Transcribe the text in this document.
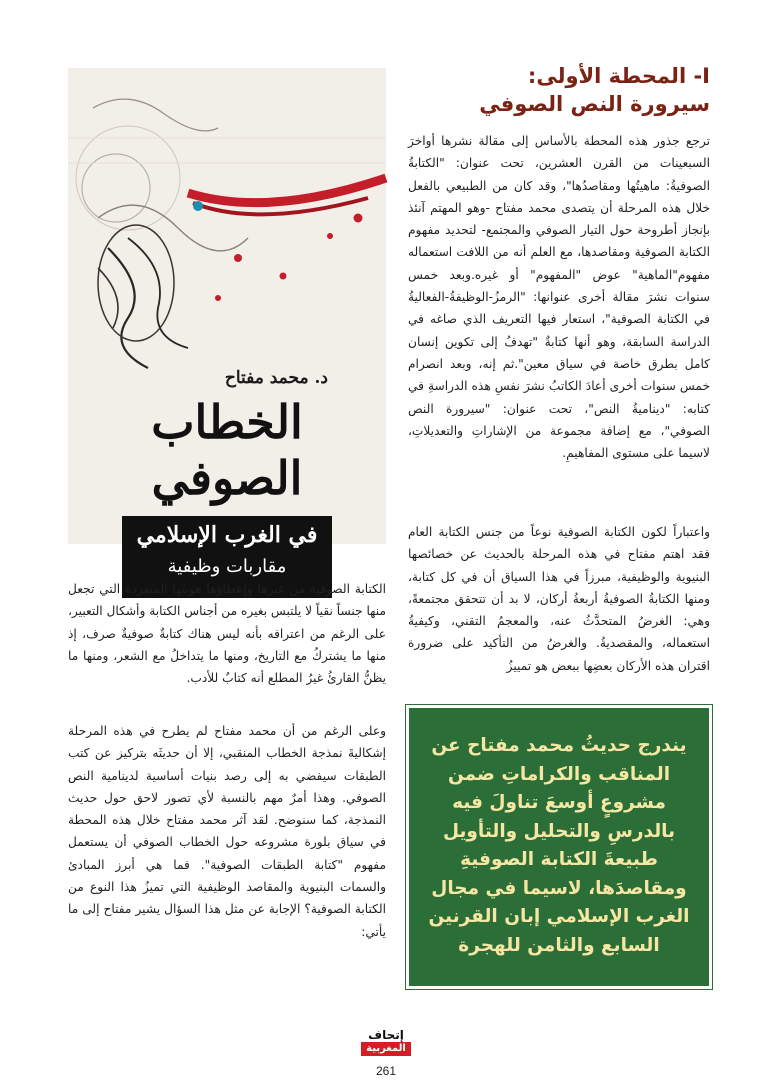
I- المحطة الأولى:
سيرورة النص الصوفي

ترجع جذور هذه المحطة بالأساس إلى مقالة نشرها أواخرَ السبعينات من القرن العشرين، تحت عنوان: "الكتابةُ الصوفيةُ: ماهيتُها ومقاصدُها"، وقد كان من الطبيعي بالفعل خلال هذه المرحلة أن يتصدى محمد مفتاح -وهو المهتم آنئذ بإنجاز أطروحة حول التيار الصوفي والمجتمع- لتحديد مفهوم الكتابة الصوفية ومقاصدها، مع العلم أنه من اللافت استعماله مفهوم"الماهية" عوض "المفهوم" أو غيره.وبعد خمس سنوات نشرَ مقالة أخرى عنوانها: "الرمزُ-الوظيفةُ-الفعاليةُ في الكتابة الصوفية"، استعار فيها التعريف الذي صاغه في الدراسة السابقة، وهو أنها كتابةٌ "تهدفُ إلى تكوين إنسان كامل بطرق خاصة في سياق معين".ثم إنه، وبعد انصرام خمس سنوات أخرى أعادَ الكاتبُ نشرَ نفسِ هذه الدراسةِ في كتابه: "ديناميةُ النص"، تحت عنوان: "سيرورة النص الصوفي"، مع إضافة مجموعة من الإشاراتِ والتعديلاتِ، لاسيما على مستوى المفاهيمِ.

واعتباراً لكون الكتابة الصوفية نوعاً من جنس الكتابة العام فقد اهتم مفتاح في هذه المرحلة بالحديث عن خصائصها البنيوية والوظيفية، مبرزاً في هذا السياق أن في كل كتابة، ومنها الكتابةُ الصوفيةُ أربعةُ أركان، لا بد أن تتحقق مجتمعةً، وهي: الغرضُ المتحدَّثُ عنه، والمعجمُ التقني، وكيفيةُ استعماله، والمقصديةُ. والغرضُ من التأكيد على ضرورة اقتران هذه الأركان بعضِها ببعض هو تمييزُ

د. محمد مفتاح
الخطاب الصوفي
في الغرب الإسلامي
مقاربات وظيفية

الكتابة الصوفية من غيرها وإعطاؤها هويتَها المتفردةَ التي تجعل منها جنساً نقياً لا يلتبس بغيره من أجناس الكتابة وأشكال التعبير، على الرغم من اعترافه بأنه ليس هناك كتابةٌ صوفيةٌ صرف، إذ منها ما يشتركُ مع التاريخ، ومنها ما يتداخلُ مع الشعر، ومنها ما يظنُّ القارئُ غيرُ المطلع أنه كتابٌ للأدب.

وعلى الرغم من أن محمد مفتاح لم يطرح في هذه المرحلة إشكاليةَ نمذجة الخطاب المنقبي، إلا أن حديثَه بتركيز عن كتب الطبقات سيفضي به إلى رصد بنيات أساسية لدينامية النص الصوفي. وهذا أمرٌ مهم بالنسبة لأي تصور لاحق حول حديث النمذجة، كما سنوضح. لقد آثر محمد مفتاح خلال هذه المحطة في سياق بلورة مشروعه حول الخطاب الصوفي أن يستعمل مفهوم "كتابة الطبقات الصوفية". فما هي أبرز المبادئ والسمات البنيوية والمقاصد الوظيفية التي تميزُ هذا النوع من الكتابة الصوفية؟ الإجابة عن مثل هذا السؤال يشير مفتاح إلى ما يأتي:

يندرج حديثُ محمد مفتاح عن المناقب والكراماتِ ضمن مشروعٍ أوسعَ تناولَ فيه بالدرسِ والتحليل والتأويل طبيعةَ الكتابة الصوفيةِ ومقاصدَها، لاسيما في مجال الغرب الإسلامي إبان القرنين السابع والثامن للهجرة
إتحاف
المغربية
261
